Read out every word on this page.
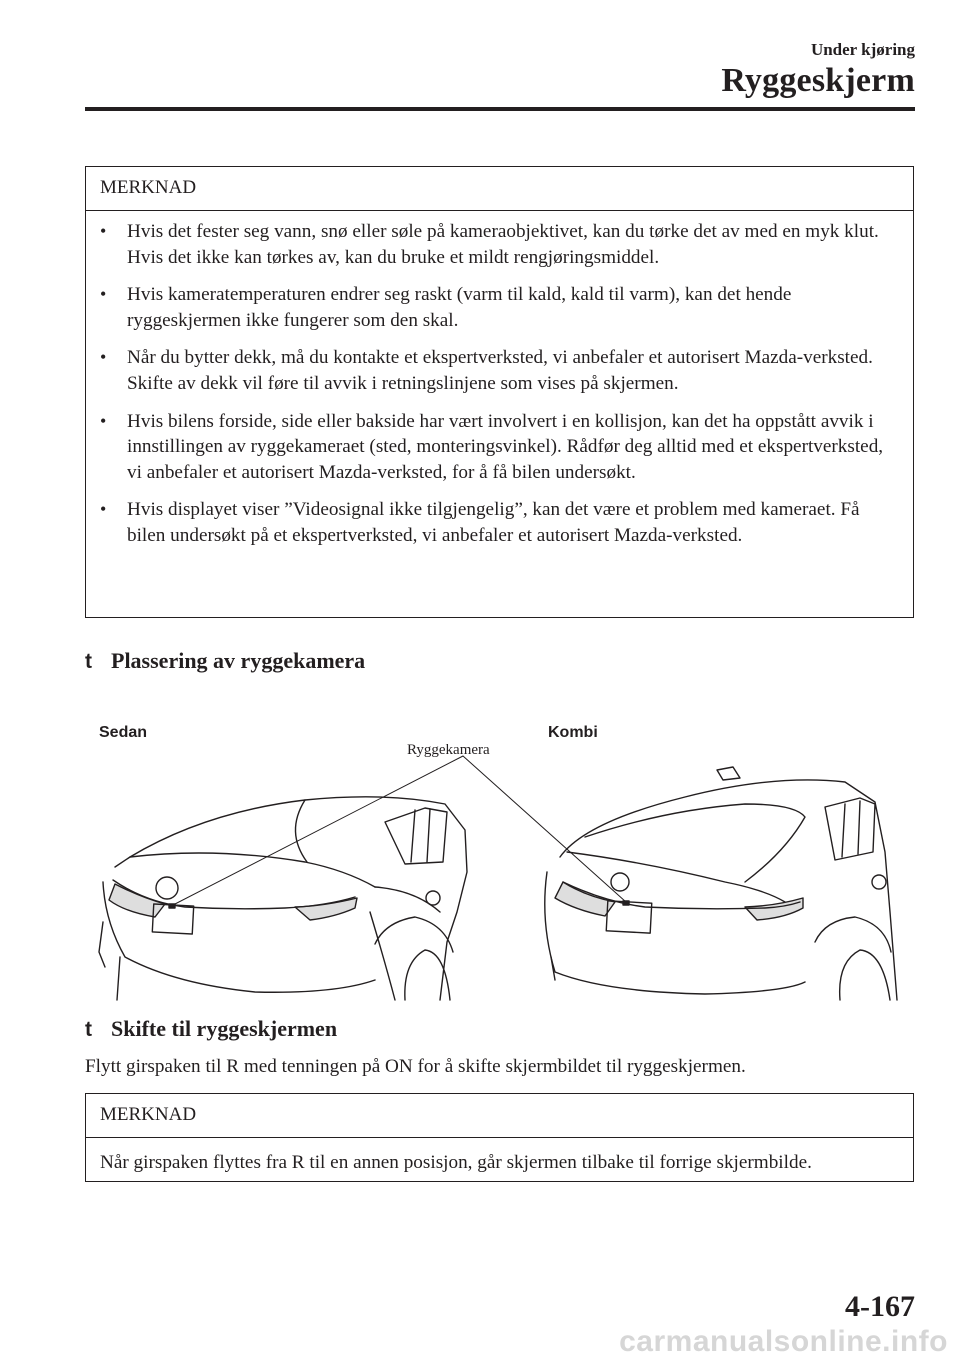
Under kjøring
Ryggeskjerm
MERKNAD
• Hvis det fester seg vann, snø eller søle på kameraobjektivet, kan du tørke det av med en myk klut. Hvis det ikke kan tørkes av, kan du bruke et mildt rengjøringsmiddel.
• Hvis kameratemperaturen endrer seg raskt (varm til kald, kald til varm), kan det hende ryggeskjermen ikke fungerer som den skal.
• Når du bytter dekk, må du kontakte et ekspertverksted, vi anbefaler et autorisert Mazda-verksted. Skifte av dekk vil føre til avvik i retningslinjene som vises på skjermen.
• Hvis bilens forside, side eller bakside har vært involvert i en kollisjon, kan det ha oppstått avvik i innstillingen av ryggekameraet (sted, monteringsvinkel). Rådfør deg alltid med et ekspertverksted, vi anbefaler et autorisert Mazda-verksted, for å få bilen undersøkt.
• Hvis displayet viser ”Videosignal ikke tilgjengelig”, kan det være et problem med kameraet. Få bilen undersøkt på et ekspertverksted, vi anbefaler et autorisert Mazda-verksted.
t Plassering av ryggekamera
Sedan	Kombi
Ryggekamera
t Skifte til ryggeskjermen
Flytt girspaken til R med tenningen på ON for å skifte skjermbildet til ryggeskjermen.
MERKNAD
Når girspaken flyttes fra R til en annen posisjon, går skjermen tilbake til forrige skjermbilde.
4-167
carmanualsonline.info
